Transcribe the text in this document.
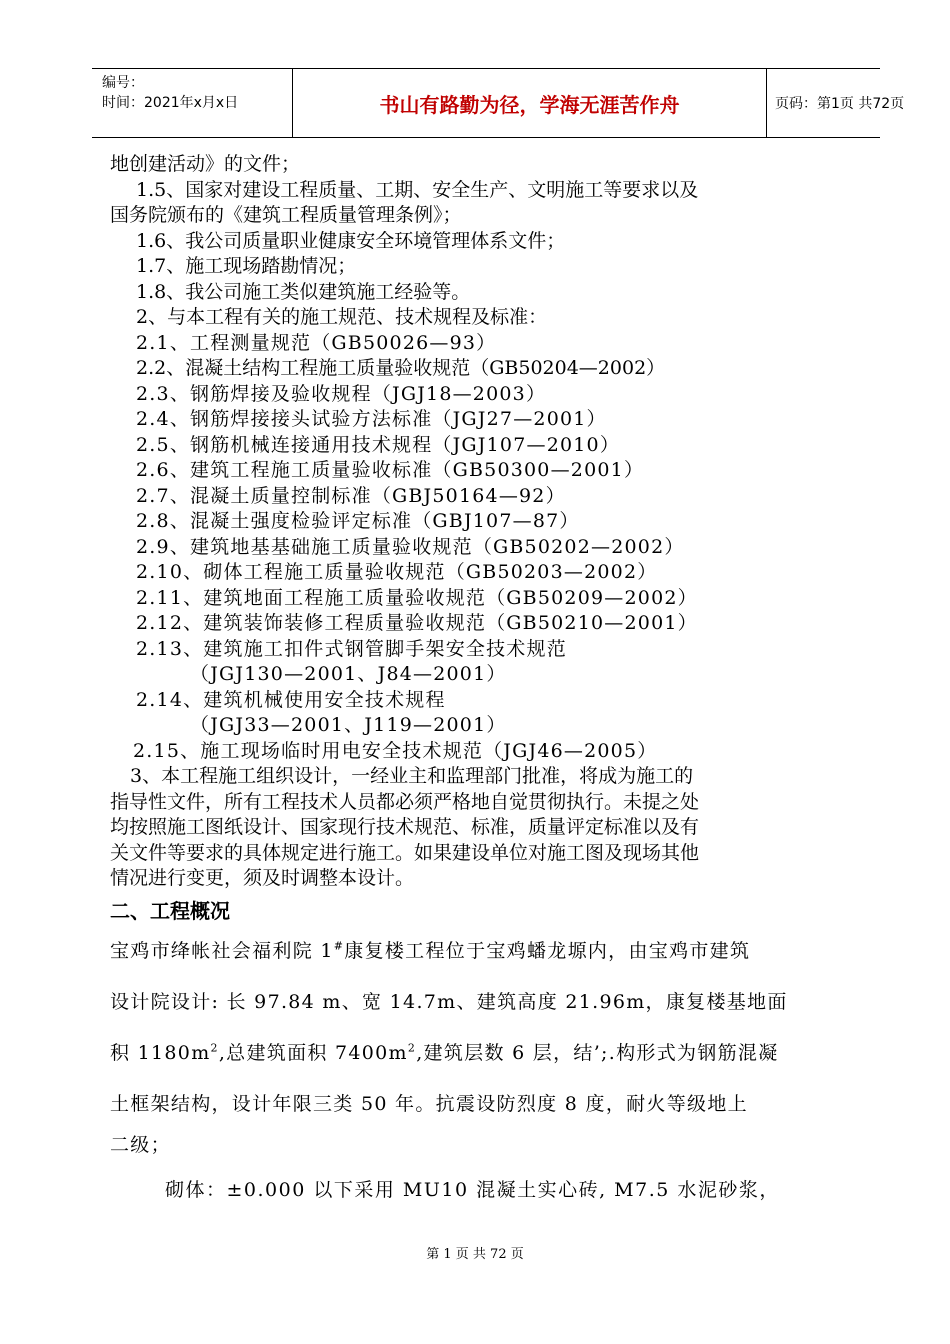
编号：
时间：2021年x月x日	书山有路勤为径，学海无涯苦作舟	页码：第1页 共72页
地创建活动》的文件；
1.5、国家对建设工程质量、工期、安全生产、文明施工等要求以及
国务院颁布的《建筑工程质量管理条例》；
1.6、我公司质量职业健康安全环境管理体系文件；
1.7、施工现场踏勘情况；
1.8、我公司施工类似建筑施工经验等。
2、与本工程有关的施工规范、技术规程及标准：
2.1、工程测量规范（GB50026—93）
2.2、混凝土结构工程施工质量验收规范（GB50204—2002）
2.3、钢筋焊接及验收规程（JGJ18—2003）
2.4、钢筋焊接接头试验方法标准（JGJ27—2001）
2.5、钢筋机械连接通用技术规程（JGJ107—2010）
2.6、建筑工程施工质量验收标准（GB50300—2001）
2.7、混凝土质量控制标准（GBJ50164—92）
2.8、混凝土强度检验评定标准（GBJ107—87）
2.9、建筑地基基础施工质量验收规范（GB50202—2002）
2.10、砌体工程施工质量验收规范（GB50203—2002）
2.11、建筑地面工程施工质量验收规范（GB50209—2002）
2.12、建筑装饰装修工程质量验收规范（GB50210—2001）
2.13、建筑施工扣件式钢管脚手架安全技术规范
（JGJ130—2001、J84—2001）
2.14、建筑机械使用安全技术规程
（JGJ33—2001、J119—2001）
2.15、施工现场临时用电安全技术规范（JGJ46—2005）
3、本工程施工组织设计，一经业主和监理部门批准，将成为施工的
指导性文件，所有工程技术人员都必须严格地自觉贯彻执行。未提之处
均按照施工图纸设计、国家现行技术规范、标准，质量评定标准以及有
关文件等要求的具体规定进行施工。如果建设单位对施工图及现场其他
情况进行变更，须及时调整本设计。
二、工程概况
宝鸡市绛帐社会福利院 1#康复楼工程位于宝鸡蟠龙塬内，由宝鸡市建筑
设计院设计: 长 97.84 m、宽 14.7m、建筑高度 21.96m，康复楼基地面
积 $1180m^2$,总建筑面积 $7400m^2$,建筑层数 6 层，结’;.构形式为钢筋混凝
土框架结构，设计年限三类 50 年。抗震设防烈度 8 度，耐火等级地上
二级；
砌体：±0.000 以下采用 MU10 混凝土实心砖, M7.5 水泥砂浆，
第 1 页 共 72 页
